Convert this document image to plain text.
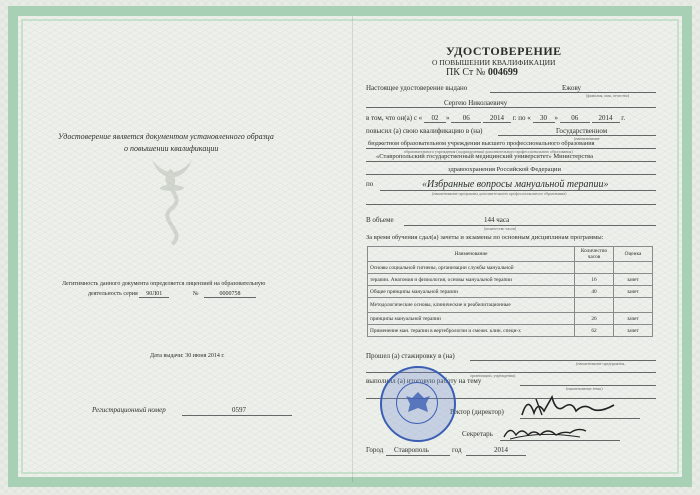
Удостоверение является документом установленного образца
о повышении квалификации
Легитимность данного документа определяется лицензией на образовательную
деятельность серия 90Л01	№	0000758
Дата выдачи: 30 июня 2014 г.
Регистрационный номер	0597
УДОСТОВЕРЕНИЕ
О ПОВЫШЕНИИ КВАЛИФИКАЦИИ
ПК Ст № 004699
Настоящее удостоверение выдано	Ежову
(фамилия, имя, отчество)
Сергею Николаевичу
в том, что он(а) с « 02 » 06	2014 г. по « 30 » 06	2014 г.
повысил (а) свою квалификацию в (на)	Государственном
(наименование
бюджетном образовательном учреждении высшего профессионального образования
образовательного учреждения (подразделения) дополнительного профессионального образования)
«Ставропольский государственный медицинский университет» Министерства
здравоохранения Российской Федерации
по	«Избранные вопросы мануальной терапии»
(наименование программы дополнительного профессионального образования)
В объеме	144 часа
(количество часов)
За время обучения сдал(а) зачеты и экзамены по основным дисциплинам программы:
Наименование	Количество часов	Оценка
Основы социальной гигиены, организации службы мануальной		
терапии. Анатомия и физиология, основы мануальной терапии	16	зачет
Общие принципы мануальной терапии	40	зачет
Методологические основы, клинические и реабилитационные		
принципы мануальной терапии	26	зачет
Применение ман. терапии в вертебрологии и смежн. клин. специ-х	62	зачет
Прошел (а) стажировку в (на)
(наименование предприятия,
организации, учреждения)
выполнил (а) итоговую работу на тему
(наименование темы)
Ректор (директор)
Секретарь
Город Ставрополь	год	2014
